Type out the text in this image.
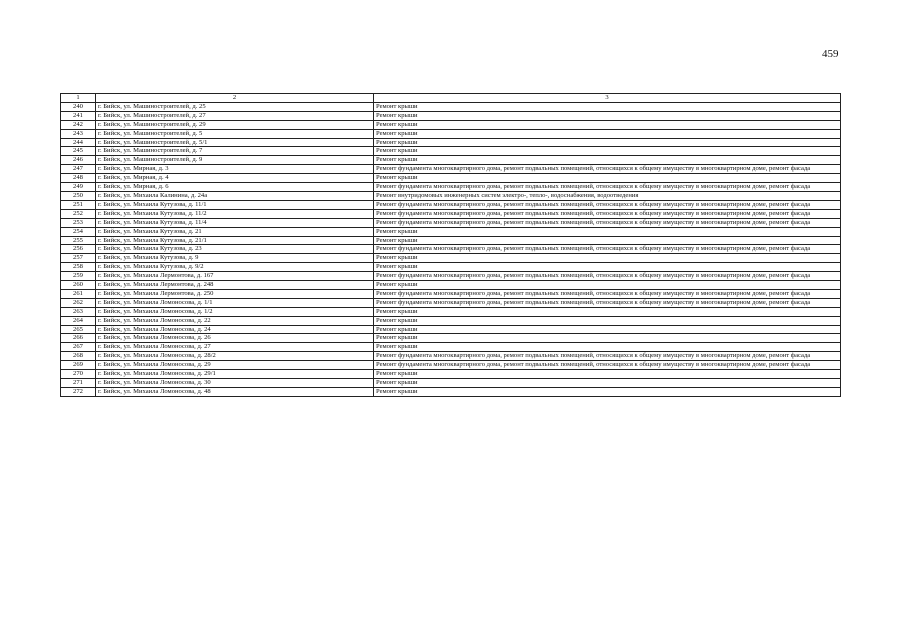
459
1	2	3
240	г. Бийск, ул. Машиностроителей, д. 25	Ремонт крыши
241	г. Бийск, ул. Машиностроителей, д. 27	Ремонт крыши
242	г. Бийск, ул. Машиностроителей, д. 29	Ремонт крыши
243	г. Бийск, ул. Машиностроителей, д. 5	Ремонт крыши
244	г. Бийск, ул. Машиностроителей, д. 5/1	Ремонт крыши
245	г. Бийск, ул. Машиностроителей, д. 7	Ремонт крыши
246	г. Бийск, ул. Машиностроителей, д. 9	Ремонт крыши
247	г. Бийск, ул. Мирная, д. 3	Ремонт фундамента многоквартирного дома, ремонт подвальных помещений, относящихся к общему имуществу в многоквартирном доме, ремонт фасада
248	г. Бийск, ул. Мирная, д. 4	Ремонт крыши
249	г. Бийск, ул. Мирная, д. 6	Ремонт фундамента многоквартирного дома, ремонт подвальных помещений, относящихся к общему имуществу в многоквартирном доме, ремонт фасада
250	г. Бийск, ул. Михаила Калинина, д. 24а	Ремонт внутридомовых инженерных систем электро-, тепло-, водоснабжения, водоотведения
251	г. Бийск, ул. Михаила Кутузова, д. 11/1	Ремонт фундамента многоквартирного дома, ремонт подвальных помещений, относящихся к общему имуществу в многоквартирном доме, ремонт фасада
252	г. Бийск, ул. Михаила Кутузова, д. 11/2	Ремонт фундамента многоквартирного дома, ремонт подвальных помещений, относящихся к общему имуществу в многоквартирном доме, ремонт фасада
253	г. Бийск, ул. Михаила Кутузова, д. 11/4	Ремонт фундамента многоквартирного дома, ремонт подвальных помещений, относящихся к общему имуществу в многоквартирном доме, ремонт фасада
254	г. Бийск, ул. Михаила Кутузова, д. 21	Ремонт крыши
255	г. Бийск, ул. Михаила Кутузова, д. 21/1	Ремонт крыши
256	г. Бийск, ул. Михаила Кутузова, д. 23	Ремонт фундамента многоквартирного дома, ремонт подвальных помещений, относящихся к общему имуществу в многоквартирном доме, ремонт фасада
257	г. Бийск, ул. Михаила Кутузова, д. 9	Ремонт крыши
258	г. Бийск, ул. Михаила Кутузова, д. 9/2	Ремонт крыши
259	г. Бийск, ул. Михаила Лермонтова, д. 167	Ремонт фундамента многоквартирного дома, ремонт подвальных помещений, относящихся к общему имуществу в многоквартирном доме, ремонт фасада
260	г. Бийск, ул. Михаила Лермонтова, д. 248	Ремонт крыши
261	г. Бийск, ул. Михаила Лермонтова, д. 250	Ремонт фундамента многоквартирного дома, ремонт подвальных помещений, относящихся к общему имуществу в многоквартирном доме, ремонт фасада
262	г. Бийск, ул. Михаила Ломоносова, д. 1/1	Ремонт фундамента многоквартирного дома, ремонт подвальных помещений, относящихся к общему имуществу в многоквартирном доме, ремонт фасада
263	г. Бийск, ул. Михаила Ломоносова, д. 1/2	Ремонт крыши
264	г. Бийск, ул. Михаила Ломоносова, д. 22	Ремонт крыши
265	г. Бийск, ул. Михаила Ломоносова, д. 24	Ремонт крыши
266	г. Бийск, ул. Михаила Ломоносова, д. 26	Ремонт крыши
267	г. Бийск, ул. Михаила Ломоносова, д. 27	Ремонт крыши
268	г. Бийск, ул. Михаила Ломоносова, д. 28/2	Ремонт фундамента многоквартирного дома, ремонт подвальных помещений, относящихся к общему имуществу в многоквартирном доме, ремонт фасада
269	г. Бийск, ул. Михаила Ломоносова, д. 29	Ремонт фундамента многоквартирного дома, ремонт подвальных помещений, относящихся к общему имуществу в многоквартирном доме, ремонт фасада
270	г. Бийск, ул. Михаила Ломоносова, д. 29/1	Ремонт крыши
271	г. Бийск, ул. Михаила Ломоносова, д. 30	Ремонт крыши
272	г. Бийск, ул. Михаила Ломоносова, д. 48	Ремонт крыши
